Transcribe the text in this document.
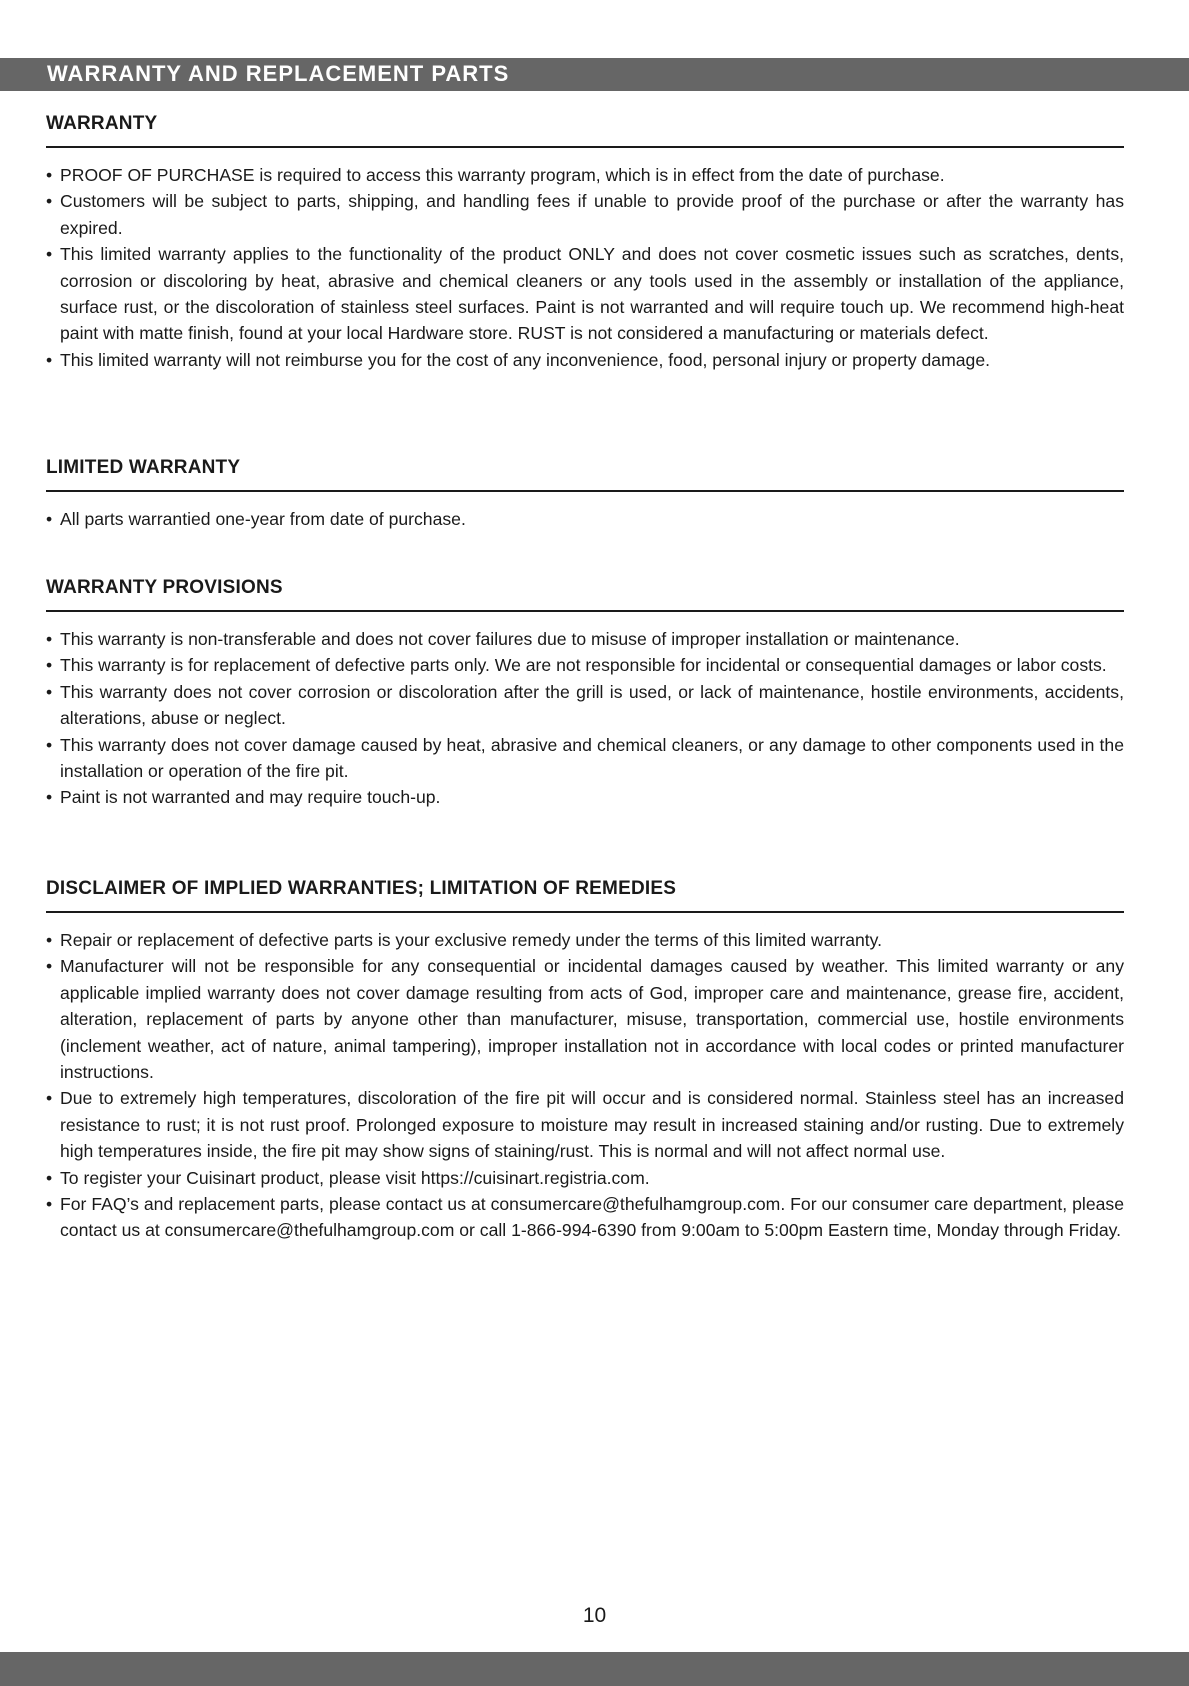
WARRANTY AND REPLACEMENT PARTS
WARRANTY
• PROOF OF PURCHASE is required to access this warranty program, which is in effect from the date of purchase.
• Customers will be subject to parts, shipping, and handling fees if unable to provide proof of the purchase or after the warranty has expired.
• This limited warranty applies to the functionality of the product ONLY and does not cover cosmetic issues such as scratches, dents, corrosion or discoloring by heat, abrasive and chemical cleaners or any tools used in the assembly or installation of the appliance, surface rust, or the discoloration of stainless steel surfaces. Paint is not warranted and will require touch up. We recommend high-heat paint with matte finish, found at your local Hardware store. RUST is not considered a manufacturing or materials defect.
• This limited warranty will not reimburse you for the cost of any inconvenience, food, personal injury or property damage.
LIMITED WARRANTY
• All parts warrantied one-year from date of purchase.
WARRANTY PROVISIONS
• This warranty is non-transferable and does not cover failures due to misuse of improper installation or maintenance.
• This warranty is for replacement of defective parts only. We are not responsible for incidental or consequential damages or labor costs.
• This warranty does not cover corrosion or discoloration after the grill is used, or lack of maintenance, hostile environments, accidents, alterations, abuse or neglect.
• This warranty does not cover damage caused by heat, abrasive and chemical cleaners, or any damage to other components used in the installation or operation of the fire pit.
• Paint is not warranted and may require touch-up.
DISCLAIMER OF IMPLIED WARRANTIES; LIMITATION OF REMEDIES
• Repair or replacement of defective parts is your exclusive remedy under the terms of this limited warranty.
• Manufacturer will not be responsible for any consequential or incidental damages caused by weather. This limited warranty or any applicable implied warranty does not cover damage resulting from acts of God, improper care and maintenance, grease fire, accident, alteration, replacement of parts by anyone other than manufacturer, misuse, transportation, commercial use, hostile environments (inclement weather, act of nature, animal tampering), improper installation not in accordance with local codes or printed manufacturer instructions.
• Due to extremely high temperatures, discoloration of the fire pit will occur and is considered normal. Stainless steel has an increased resistance to rust; it is not rust proof. Prolonged exposure to moisture may result in increased staining and/or rusting. Due to extremely high temperatures inside, the fire pit may show signs of staining/rust. This is normal and will not affect normal use.
• To register your Cuisinart product, please visit https://cuisinart.registria.com.
• For FAQ’s and replacement parts, please contact us at consumercare@thefulhamgroup.com. For our consumer care department, please contact us at consumercare@thefulhamgroup.com or call 1-866-994-6390 from 9:00am to 5:00pm Eastern time, Monday through Friday.
10
